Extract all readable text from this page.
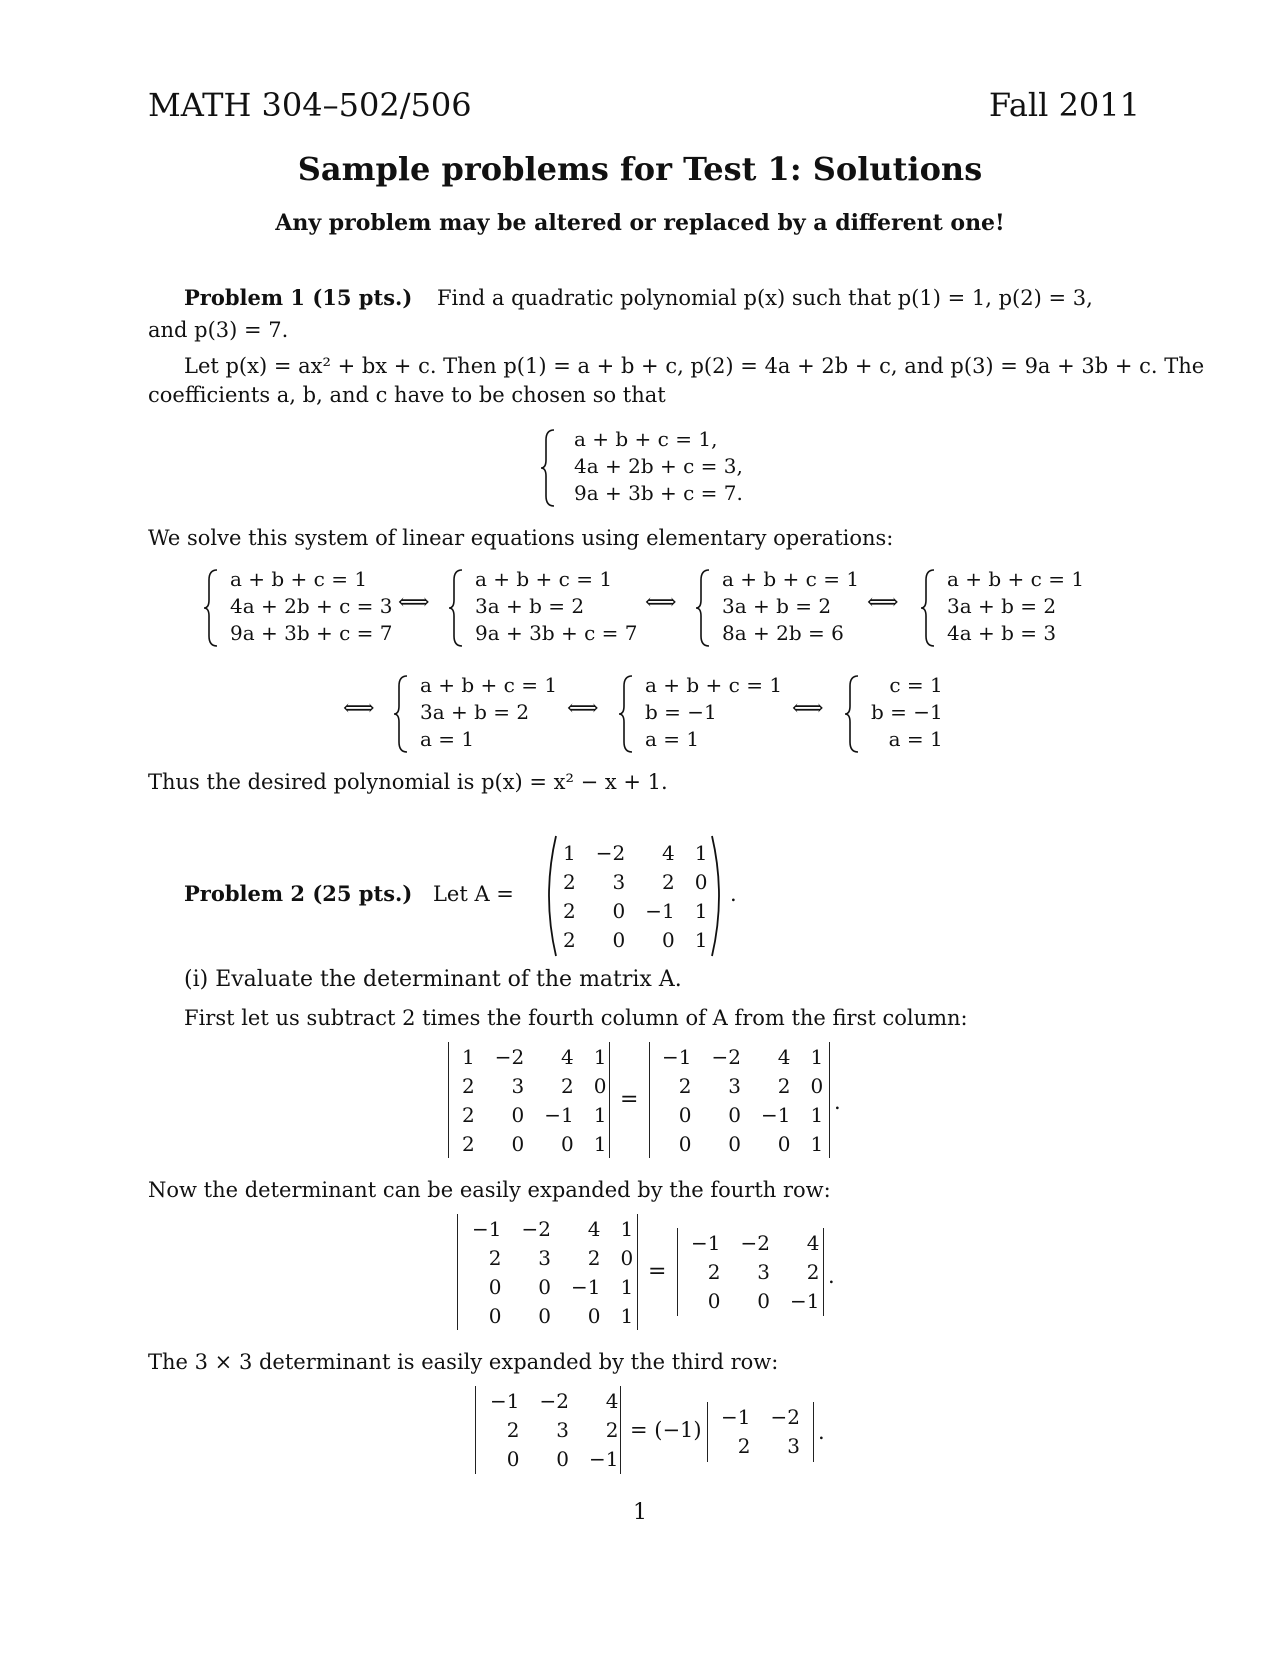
MATH 304–502/506	Fall 2011
Sample problems for Test 1: Solutions
Any problem may be altered or replaced by a different one!
Problem 1 (15 pts.) Find a quadratic polynomial p(x) such that p(1) = 1, p(2) = 3,
and p(3) = 7.
Let p(x) = ax² + bx + c. Then p(1) = a + b + c, p(2) = 4a + 2b + c, and p(3) = 9a + 3b + c. The
coefficients a, b, and c have to be chosen so that
a + b + c = 1,
4a + 2b + c = 3,
9a + 3b + c = 7.
We solve this system of linear equations using elementary operations:
a + b + c = 1
4a + 2b + c = 3
9a + 3b + c = 7
⟺
a + b + c = 1
3a + b = 2
9a + 3b + c = 7
⟺
a + b + c = 1
3a + b = 2
8a + 2b = 6
⟺
a + b + c = 1
3a + b = 2
4a + b = 3
⟺
a + b + c = 1
3a + b = 2
a = 1
⟺
a + b + c = 1
b = −1
a = 1
⟺
c = 1
b = −1
a = 1
Thus the desired polynomial is p(x) = x² − x + 1.
Problem 2 (25 pts.) Let A =
1	−2	4	1
2	3	2	0
2	0	−1	1
2	0	0	1
.
(i) Evaluate the determinant of the matrix A.
First let us subtract 2 times the fourth column of A from the first column:
1	−2	4	1
2	3	2	0
2	0	−1	1
2	0	0	1
=
−1	−2	4	1
2	3	2	0
0	0	−1	1
0	0	0	1
.
Now the determinant can be easily expanded by the fourth row:
−1	−2	4	1
2	3	2	0
0	0	−1	1
0	0	0	1
=
−1	−2	4
2	3	2
0	0	−1
.
The 3 × 3 determinant is easily expanded by the third row:
−1	−2	4
2	3	2
0	0	−1
= (−1)
−1	−2
2	3
.
1
